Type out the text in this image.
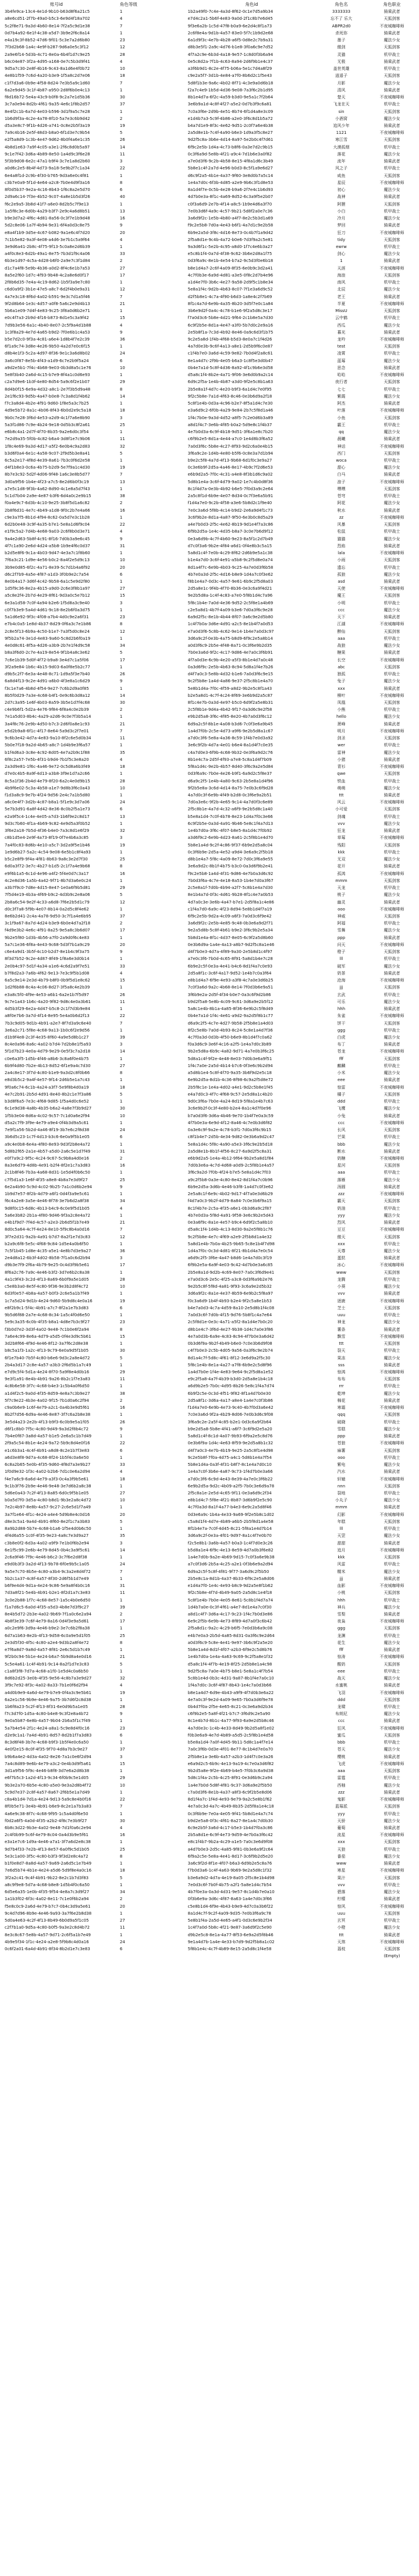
账号id	角色等级	角色id	角色名	角色职业
3b4fe9ca-13c4-4e1d-9b10-b63d8f6a21c5	1	1b2a49f0-7c4e-4a3d-8f62-0c1e7d5a9b34	3333333	骑乘武者
a8e6cd51-2f7b-49a0-b5c3-6e9d4f18a702	4	e7d4c2a1-5b6f-4e83-9a0d-2f1c8b7e6d45	忘不了 乐大	天狐剑客
5c2f8e71-9a3d-4b60-8e14-7f2a5c9d1e38	7	9f3e6a2b-1c5d-47f8-b0a9-6e2d4c8f1a73	ABPR2d0	不夜城咖啡师
0d7b4a92-6e1f-4c38-a5d7-3b9e2f6c8a14	1	2c6f8e4a-9d1b-4a57-83e0-5f7c1b9d2e68	杀死你	骑乘武者
e4a19c3f-8b52-47d6-9f01-5c3e7a2d6b80	23	6a1d9f3c-4e7b-4b28-a6f5-0d8e2c7b9a31	墨子	魔法少女
7f3d2b68-1a4c-4e9f-b287-9d6a0e5c3f12	12	d8b3e5f1-2a9c-4d76-b1e8-3f0a6c9e7d52	傲剑	天狐剑客
2a9e6f14-5d3b-4c71-8e0a-6b4f1d7c9e25	28	4f7a2c9e-6b3d-4a18-9e57-1c8d0f3b6a94	灵猫	机甲战士
b6c04e87-3f2a-4d95-a168-0e7c5b3d9f41	4	0e5c8d2a-7f1b-4c63-8a94-2d6f9b1e4c37	无极	骑乘武者
9d5a7c30-2e8f-4b16-9c43-8a1d6e4f0b72	10	a3f6b9d1-8c2e-4f75-b06a-5e1c7d4a8f29	盖世英雄	机甲战士
4e8b1f59-7c6d-4a20-b3e9-1f5a8c2d7e06	18	c9e2a5f7-3d1b-4e84-a7f0-8b6d2c1f5e43	逍遥子	天狐剑客
c1f7d3a6-0b9e-4f58-8d24-7e3b5a9c1d60	7	5d8f1b3e-9a6c-4b02-8f71-4c3e9a0d6b18	月影	魔法少女
6a2e9d45-3c1f-4b87-a950-2d8f6b0e4c13	1	f2a7c4e9-1b5d-4d36-9e08-7a3f6c2b1d95	清风	骑乘武者
f8d16b72-5e4a-43c9-b0f8-9c2a7e1d5b36	30	8b1e4d7a-6f2c-4a59-b3d0-9e5a1c7f2b64	楚天	不夜城咖啡师
3c7a0e94-8d2b-4f61-9a35-4e6c1f8b2d57	37	3e6b9a1d-4c8f-4f27-a5e2-0d7b3f9c6a81	飞龙在天	机甲战士
8e4f2c1b-6a7d-4e03-b596-3d1f9a5c7e28	1	7c0a3f6e-2d9b-4e51-8b74-6f1d4a8e3c09	sin	天狐剑客
1b6d9f3a-4c2e-4a78-8f10-5a7e3c6b9d42	2	e1d4b7a3-5c9f-4b86-a2e0-3f6c8d1b5a72	小酒窝	魔法少女
d5a3e8c7-9f1b-4d26-a741-0c8e2b5f3a19	19	b4a7d1e9-8f3c-4e62-9d51-2c0f7a6e4b38	追风少年	骑乘武者
7a9c4b16-2e5f-48d3-b8a0-6f1d3e7c9b54	5	2a5d8e1b-7c4f-4a90-b6e3-1d9a3f5c8e27	1121	不夜城咖啡师
e2f5a8d9-1c3b-4e47-9d62-8b0f4a6e1c35	26	9d2f5c8a-3b6e-4d14-8a97-5e2b0c4f7d61	寒江雪	天狐剑客
4b8d1e63-7a9f-4c05-a3e1-2f6c8d0b5a97	14	6f9c2e5b-1d4a-4c73-b8f6-0a3e7d2c9b15	大漠孤烟	机甲战士
9c1e7f42-3d6a-4b89-8e50-1a4d9c3f6e28	11	0c3f6a9d-5e8b-4f21-a9c4-7d1b6e3a0f82	落花	魔法少女
5f3b9d08-6e2c-47a1-b9f4-3c7e1a8d2b60	3	a7e0d3f6-9c2b-4b58-8e15-4f8a1d6c3b49	流年	骑乘武者
a0d6c2e5-8b4f-4d73-9a18-5e9b2f7c1a34	22	5b8e1c4f-2a7d-4e96-b0d3-8c5f1a9e6d27	风之子	机甲战士
6e4a8f1d-2c9b-4f30-b765-9d3a6e0c4f81	1	d6c9f2a5-4b1e-4a37-9f60-3e8d0b7a5c14	咸鱼	天狐剑客
c3b7e0a9-5f1d-4e64-a2c8-7b0e4d9f3a16	8	1e4a7d0c-6f3b-4d85-a2e9-9b6c3f1d8e53	星辰	不夜城咖啡师
8f0d5b37-9e2a-4c16-8b43-1f6c8a2e5d70	6	8a1d4f7e-0c5b-4e28-b9a6-2f7e4c1b6d93	初心	魔法少女
2d9a6c14-7f3e-4b52-9c07-4a8e1b5d3f26	40	4d7b0e3a-8f1c-4a69-8d52-6c3a9f5e2b07	战神	骑乘武者
f6c2e9a5-3b8d-41f7-a6e0-8d2b5c7f9e13	1	c0f3a6d9-2e7b-4f14-a8c5-1b9e4d6a3f70	阿狸	天狐剑客
1a5f8c3e-6d0b-4a29-b3f7-2e9c4a6d8b51	13	7e0b3d6f-4a9c-4c57-9b21-5d8f2a0e7c36	小白	机甲战士
b9e3d7a2-4f6c-4d81-8a56-0c3f7e1b9d48	16	3a6d9f2c-1e5b-4b80-a4f7-8e2c5b3d1a69	冷月	魔法少女
5d2c8e06-1a7f-4b94-9e31-6f4a0d3c8e75	9	f9c2e5b8-7d0a-4e43-b6f1-4a7d1c9e2b58	梦回	骑乘武者
e8a4f1b9-3d5e-4c67-b082-9a1e6c4f7d20	20	6b9e2a5d-3f8c-4d16-8e73-0c4b7f1a9d42	狂刀	不夜城咖啡师
7c1b5e82-9a3f-4e08-a4d6-3e7b1c5a9f64	4	2f5a8d1e-9c4b-4a72-b0e6-7d3f9a2c5e81	tidy	天狐剑客
3e9d6a41-2b8c-4f75-9f13-5c0a8e2d6b39	1	9a3d6f1c-5e2b-4c95-a8d0-1f7c4e6b3a27	ewrw	机甲战士
a4f0c8e3-6d2b-49a1-8e75-7b3d1f9c4a06	33	e5c8b1f4-0a7d-4f38-9c62-3b6e2d8a1f75	剑心	魔法少女
6b3e1d97-4c5a-4d28-b6f0-2a9e7c3f1d84	2	0d3f6a9c-8e1b-4e54-b7a2-9c5d3f0e6b18	1	骑乘武者
d1c7a4f8-5e9b-4b36-a0d2-8f4c6e1b7a53	27	b8e1d4a7-2c6f-4a09-8f35-6e0b9c3d2a41	天涯	不夜城咖啡师
8a5e2f60-1d7c-4f93-9b48-4c2a8e6d0f17	17	4c7f0b3e-6a9d-4d81-a3e5-0f8c2d7b4e96	海浪	天狐剑客
2f8b6d35-7e4a-4c19-8d62-1b5f3a9e7c80	1	a1d4e7f0-3b6c-4e27-9a58-2d9f5c1b8e34	南风	机甲战士
c6d0a9f2-3b1e-47e5-a8c7-6d2f4b0e9a31	12	5e8a1f4c-9d2b-4b63-8c07-7f1e3a6d9c52	北辰	魔法少女
4a7e3c18-8f6d-4a02-b591-9e3c7d1a5f46	7	d2f5b8e1-4c7a-4f90-b6d3-1a8e4c2f7b69	老王	骑乘武者
9f2d8b64-1e3c-4d57-a0f8-5a6c2e9d4b13	21	8f1c4a7d-6e9b-4a35-8b20-3d5f7e0c1a84	半夏	不夜城咖啡师
5b6a1e09-7d4f-4e83-9c25-3f8a0d6b2e71	1	3b6e9d2f-0a4c-4c78-b1e6-9f2a5d8c3e17	MissU	天狐剑客
e0c4f7a3-2b9d-4f16-b873-8d1e5c3a9f42	15	f7a0d3c6-5b8e-4d21-9f64-2c1b8e5a7d30	云中鹤	机甲战士
7d9b3e56-6a1c-4b40-8e07-2c5f9a4d1b88	4	6c9f2b5e-8d1a-4e47-a3f0-5b7d0c2e9a16	西瓜	魔法少女
1c3f8a29-4e7d-4a65-b9d2-7f0e6b1c4a53	9	2e5b8f1a-7c3d-4b92-8e46-0a9c6d3f1b75	暮光	骑乘武者
b5e7d2c0-9f3a-4c81-a6e4-1d8b4f7e2c39	36	9c2e5a8d-1f4b-4f68-b5d3-8e0a7c1f4d26	龙吟	不夜城咖啡师
6f1a9c74-3d8e-4e26-9b50-4a2d7e0c6f15	1	4a7d0e3b-9c6f-4a13-a8e1-2d5b9f6c0e87	test	天狐剑客
d8b4e1f3-5c2a-4d97-8f36-9e1c3a6d8b02	24	c1f4b7e0-3a6d-4c59-9e82-7b0d4f2a8c61	凌霄	机甲战士
3a6c0f87-8e5b-4f43-a1d9-6c7e2b9f5a24	6	8e1a4d7c-2f9b-4e05-b6a3-1c8f5e3d0b47	蓝莓	魔法少女
a9d2e5b1-7f4c-4b68-9e03-0b3d8a5c1e76	10	0b4e7a1d-5c8f-4d36-8a92-4f1c9b6e3d58	思念	骑乘武者
5e8f3b40-2a6d-4c15-b7e9-8f4a1c0d6e93	1	d5a8c1f4-8b2e-4a71-9f06-3e6d0b9a2c14	哈哈	不夜城咖啡师
c2a7d9e6-1b3f-4e80-8d54-5a9c6f2e1b07	29	6d9c2f5a-1e4b-4b87-a3d0-9f2e5c8b1a63	夜行者	天狐剑客
8d4b0f15-6e9a-4d32-a8c1-2e7f3b5d9a48	8	2b5e8a1f-4d7c-4e20-b9f3-6a1d4c7e0f95	七七	机甲战士
2e1f6c93-9d5b-4a47-b0e8-7c3a8d1f4b62	14	9f2c5b8e-7a1d-4f63-8c46-0e3b6d9a2f18	紫霞	魔法少女
f7c3a8d4-4b2e-4f91-9d60-1f8e5a3c7b25	1	5c8f1e4b-0d3a-4c96-b2e7-8f5a1d4c7e30	阿杰	骑乘武者
4d9e5b72-8a1c-4b06-8f43-6b0d2e9c5a18	18	e3a6d9c2-6f0b-4a29-9e84-2b7c5f8d1a46	叶落	不夜城咖啡师
9b0c7e28-3f6d-4e53-a2d9-4c1f7a6e8b90	3	1f4c7b0e-9a3d-4d52-a8f5-7c2e0d6b3a89	小鱼	天狐剑客
5a3f1d86-7c9e-4b24-9e18-0d5b3c8f2a61	25	a8d1f4c7-3e6b-4f85-b0a2-5d9e8c1f4b37	霸王	机甲战士
e6b8c4a1-2d7f-4f70-8b35-9a2e6d0c3f54	1	4e7b0d3a-6c9f-4b18-9d51-3f6a1e8c7b20	qq	魔法少女
7e2d9a35-5f0b-4c82-b6a4-3d8f1e7c9b06	11	c6f9b2e5-8d1a-4e44-a7c0-1e4d8b3f6a52	晨曦	骑乘武者
1f8c4e69-9a3d-4d17-a5f2-6e0b4c9a2d83	32	7a0d3f6c-5b8e-4c27-8f93-9d2c6a0e4b15	神话	不夜城咖啡师
b3d6f0a4-6e1c-4a58-9c07-2f9d5b3e8a41	5	3f6a9c2e-1d4b-4e80-b5f6-0c8e3a7d1b94	西门	天狐剑客
6c5a2e17-4f8d-4e39-8a61-7b3c0f6d2e58	1	b9e2c5f8-4a7d-4f13-9b68-6d1f0c3e9a27	woca	机甲战士
d4f1b8e3-0c6a-4b75-b2d9-5e7f9a1c4d30	19	0c3e6b9f-2d5a-4a46-8e17-4b9c7f2d6e53	甜心	魔法少女
8b7e3c92-5d2f-4d06-9f48-1a6c3e8b5d77	7	e6b9d2a5-7f0c-4c31-a4e8-8f3b1d6c9a02	白马	骑乘武者
3d0a9f56-1b4e-4f23-a7c5-8e2d6b0f3c19	13	5d8b1e4a-3c6f-4d79-9a02-1e7c4b0d8f36	浪子	不夜城咖啡师
a7e5c1d8-9f3b-4a62-8d90-4c1e8a5d7f43	1	8c1f4d7a-0e3b-4b92-b6e5-7f0d3a9c2e64	嘿嘿	天狐剑客
5c1d7b04-2a9e-4e87-b3f6-6d4a0c2e9b15	38	2a5c8f1d-6b9e-4e07-8d34-0c7f3e6a5b91	苍穹	机甲战士
f0a4e9c7-6d3b-4c10-9e25-3b8f5d1a6c82	2	f1d4a7e0-9c2b-4f58-a3e6-5b8d2c1f9e40	阿花	魔法少女
2b8f6d31-4e7c-4b49-a1d8-9f0c2b7e4a66	16	7e0c3a6d-5f8b-4c14-b9d2-2e6a9d4f1c73	秋水	骑乘武者
c9e3a7f5-8b1d-4f94-8c62-0a5d7e3c1b28	1	3c6f9b2e-8d1a-4a87-9f50-6e3b0c8d5a29	zz	不夜城咖啡师
6d2b0e48-3c9f-4a35-b7e1-5e8a1d6f9c04	22	a4e7b0d3-2f5c-4e62-8b19-9d1e4f7a3c86	风暴	天狐剑客
e1f9c5a2-7d4b-4e68-9a03-2c6f8b0d3e71	4	6f9b2d5a-1e4c-4d35-b8a7-3c0e7b6d9f12	松鼠	机甲战士
9a4e2d63-5b8f-4c91-8f16-7d0b3a9e6c45	9	0e3a6d9b-4c7f-4b60-9e23-8a5f1c2d7b49	猫猫	魔法少女
4f7c1a90-2e6d-4d24-a5b8-1b9e4f6c0d37	31	d7c0f3a6-9b2e-4f84-a6d1-0f4e8b3c5a15	烈焰	骑乘武者
b2d5e8f6-9c1a-4b03-9d47-4e3a7c1f8b60	1	5a8d1c4f-7e0b-4c29-8f62-2d6b9e5a1c38	lala	不夜城咖啡师
7f6a3c21-1d9e-4e56-b0c2-8a4f2e5d9c13	10	b1e4a7d0-3c6f-4e91-a5b8-9c2f5d8e0a74	小雨	天狐剑客
3b9e0d85-6f2c-4a71-8e39-5c7d1b4a6f92	20	8d1a4f7c-6e9b-4b03-9c25-4a7e0d3f6b58	遗忘	机甲战士
d6c2f7b9-4a5e-4f87-a1d3-3f0b9e2c7a54	6	4b7e0a3d-2f5c-4d16-b8e9-1d4a7c0f3e62	孤狼	魔法少女
8e0b4a17-3d6f-4c42-9b58-6a1c5e9d2f80	1	f8b1e4a7-0d3c-4a57-9e61-6b9c2f5d8a03	asd	骑乘武者
1d5f9c36-8e2a-4b15-a9d0-2c6e3f8b1a97	27	2d5a8e1c-9f4b-4f70-8b36-0e3c6a9f4d21	天使	不夜城咖啡师
a5c8e2f4-2b7d-4e29-8f61-9d3a0c5e7b12	15	9e2b5d8a-1c4f-4c83-a7e0-5f8b1d4c7a96	魔王	天狐剑客
6e3a1d58-7c0f-4a94-b2e6-1f5d8a3c9e40	3	5f8c1b4e-7a0d-4e36-9d52-2c5f8e1a4b69	小明	机甲战士
c0f7b3e9-5a4d-4d61-9c18-8e2b6f0a3d75	1	c2e5a8d1-4b7f-4a09-b3e6-7d0a3f6c9e28	ccc	魔法少女
5a1d6e92-9f3c-4f08-a7b4-4d0c9e2a6f31	23	6a9d2f5c-8e1b-4b44-8f07-3a6c9e2d5b80	天下	骑乘武者
e7b4c0a5-1e8d-4b37-8d29-0f6a3c7e1b86	8	1c4f7b0a-3d6e-4d91-a2c5-8e1b4f7a0d53	江湖	不夜城咖啡师
2c8e5f13-6b9a-4c50-b1e7-7a3f5d0c8e24	12	e7a0d3f6-5c8b-4c62-9e14-1b4e7a0d3c97	醉仙	天狐剑客
9f5b2a74-3e1d-4e83-9a60-5c8d2b6f0a19	1	3d6a9c2f-0e3b-4a75-b8d9-6f9c2e5a8b14	aaa	机甲战士
4e0d8c61-8f5a-4d26-a3b9-2b7e1f4d9c58	34	a0d3f6c9-2b5e-4f48-8a71-0c3f6e9b2d35	战狼	魔法少女
b8a3f6d0-2c7e-4a19-8e54-9f1b4a8c3e62	5	7b0e3a6d-9f2c-4c17-9d86-4e7a0c3f6b91	糖果	骑乘武者
7c6e1b39-5d0f-4f72-b9a8-3e4d7c1a5f06	17	4f7a0d3e-6c9b-4e20-a5f3-8b1e4d7a0c48	长空	不夜城咖啡师
3f2a9e84-1b6c-4b15-9d03-6a0f8e5b2c77	1	0a3d6f9c-2e5b-4b63-8c94-5d8a1f4e7b26	abc	天狐剑客
d9b5c2f7-6e3a-4e48-8c71-1d9a5f3e7b40	26	d4f7a0c3-5e8b-4d32-b1e6-7a0d3f6c9e15	独孤	机甲战士
6a8d4f13-9c2e-4d91-a6b0-4f3e8a1c6d29	9	9c2f5b8e-1a4d-4a86-9e37-2f5c8b1e4a70	兔子	魔法少女
f3c1e7a6-4b8d-4f54-9e27-7c6b2d9a0f85	1	5e8b1d4a-7f0c-4f59-a8d2-9b2e5c8f1a43	xxx	骑乘武者
8b5f0d29-7a3e-4c68-b4f1-0e9c6b3d8a12	14	b2e5a8d1-4c7f-4c24-8f69-3e6b9d2a5c87	柳叶	不夜城咖啡师
2d7c3a95-1e6f-4b03-8a59-3b5e1d7f4c68	30	8f1c4e7b-0a3d-4e97-b5c0-6d9f2a5e8b31	凤凰	天狐剑客
c4e9b6f1-5d2a-4e76-9f84-6f8a4c0e2b39	2	2c5f8b1e-9d4a-4b42-9f17-0a3d6c9e2f58	小熊	机甲战士
7e1a5d03-8b4c-4a29-a2d6-9c0e7f3b5a14	1	e9b2d5a8-3f6c-4f85-8e20-4b7a0d3f6c12	hello	魔法少女
3a4f8c76-2e9b-4d50-b7c3-2d6f0a8e1c93	21	6d9a2c5f-8b1e-4a08-b3d6-7c0f3e6a9b45	萧峰	骑乘武者
e5d2b9a8-6f1c-4f17-8e64-5a9d3c2f7e01	7	1a4d7f0b-2c5e-4d73-a9f6-9e2b5d8a1c67	明月	不夜城咖啡师
9c6b3e42-4d7a-4e83-9a10-8f2c6e5d0b34	11	a7d0c3f6-5e8a-4a36-8c59-1f4b7e0d3a92	剑圣	天狐剑客
5b0e7f18-9a2d-4b65-a8c7-1d4b9e3f6a57	1	3e6c9f2b-4d7a-4e01-b6e4-8a1d4f7c0e35	wer	机甲战士
b1f4d6a3-3c8e-4c92-8d05-4e7a2b9c1f88	35	c4a7d0e3-6f9b-4c68-9b32-0e3f6a9d2c76	雷神	魔法少女
6f8c2a57-7e5b-4f31-b9d4-7b1f5c3e8a20	4	8b1e4c7a-2d5f-4f93-a7e8-5c8a1d4f7b09	小猪	骑乘武者
2a3d9e81-1f6c-4a46-9e72-0c5d8a6b3f49	18	5f8a1d4c-9e2b-4b57-8d40-3f6c9a2e5d84	青衫	不夜城咖啡师
d7e0c4b5-8a9f-4d13-a3b8-3f9e1d7a2c66	1	0d3f6a9c-7b0e-4e26-b9f1-6a9d2c5f8e37	qwe	天狐剑客
8c5a1f36-2b4d-4e79-8f20-6a2c4e0d9b15	28	d6a9c2f5-1e4b-4a80-9c63-2b5e8a1d4f96	铁血	机甲战士
4b9f6e02-5c3a-4b58-a1e7-9d8b3f6c0a43	10	9f2b5e8a-3c6d-4d14-8a75-7e0b3c6f9d28	萌萌	魔法少女
f1d3a8c9-9e7b-4f24-9d56-2e4c7a1b5d80	1	4a7d0c3f-6e9b-4f49-b2d8-0c3f6e9a2b51	ttt	骑乘武者
a6c0e4f7-3d2b-4c87-b8a1-5f1e9c3d7a06	24	7d0a3e6c-9f2b-4e65-9c14-4a7d0f3c6e89	风云	不夜城咖啡师
5e7b3d91-6a8f-4d42-8e36-8c0b2f5a1e73	6	2f5c8b1e-4a7d-4c32-a6f9-9e2b5d8c1a40	小可爱	天狐剑客
e2a9f5c4-1c4e-4e05-a7d3-1b6f9e2c8d17	13	b5e8a1d4-7c0f-4b78-8e23-1d4a7f0c3e66	剑魂	机甲战士
9d3c7b60-4f1a-4b69-9c82-4e9d5a3f0b52	1	6c9f2b5e-0a3d-4a91-9b46-5e8c1f4a7d13	vvv	魔法少女
3f6e2a18-7b5d-4f36-b4e0-7a3c8d1e6f29	32	1e4b7d0a-3f6c-4f07-b8e5-8a1d4c7f0b92	狂龙	骑乘武者
c8b1d5e4-2e9f-4a73-8f19-0f7e4b6a3c85	3	a3d6f9c2-6e9b-4d23-8a61-2c5f8b1e4d70	草莓	不夜城咖啡师
7a4f0c83-8d6b-4e10-a5c7-3d2a9f5e1b46	19	5b8e1a4d-9c2f-4c86-9f37-6b9e2d5a8c04	残阳	天狐剑客
1e9d6b27-5a2c-4c54-9e08-6e5b1c8f4a93	1	0c3f6b9e-2d5a-4e52-a9d4-3e6a9c2f5b18	kkk	机甲战士
b5c2e8f9-9f4a-4f81-8b63-9a8c3e2d7f30	25	d8b1e4a7-5f8c-4a09-8e72-7d0c3f6a9e55	无双	魔法少女
6d0a3f72-3e7c-4b27-b1d5-2c1f7a4e9b68	8	3e6a9d2c-8b1f-4b75-b3c0-0a3d6f9b2e41	花开	骑乘武者
e9f6b1a5-6c1d-4e96-a4f2-5f4e0d7c3a17	16	f9c2e5b8-1a4d-4f31-9d86-4e7b0a3d6c92	孤鸿	不夜城咖啡师
4c2e8d36-1a5b-4a42-9f71-8b7d3a6e0c24	1	7b0d3f6a-4c7e-4e18-8a53-1b4e7d0a3f67	mmm	天狐剑客
a3b7f9c0-7d8e-4d15-8e47-1e0a6f9b5d81	29	2c5e8a1f-7d0b-4b94-a2f7-5c8b1e4a7d30	天龙	机甲战士
7f5d4e19-4b3a-4f69-b9c2-4d3b9c2e8a06	5	8e1b4a7d-0f3c-4d61-9b28-8f1c4e7a0b53	桃子	魔法少女
2b8a6c54-9e2f-4c33-a6d8-7f6e2b5d1c79	12	4d7a0c3e-3e6b-4a47-b7e1-2d5f8a1c4e86	幽灵	骑乘武者
d0c3f7a8-5f9b-4e07-8b14-0a2d5c8f4e62	1	c1f4a7d0-6a9c-4f23-8d94-5e8b1d4f7a19	ooo	不夜城咖啡师
8e6b2d41-2c4a-4a78-9d50-3c7f1a4e6b95	37	6f9c2e5b-9d2a-4c09-a6f3-7a0d3c6f9e42	神威	天狐剑客
3c1f9a67-8a7d-4d24-b3e9-6b0e4d7a2f18	2	3a6d9f2c-2e5b-4e85-9c48-0b3e6a9d2f71	阿福	机甲战士
f4d9e3b2-4e6c-4f91-8a25-9e5a8c3b6d07	17	9e2a5d8b-5c8f-4b61-b9e2-3f6c9b2e5a34	雪舞	魔法少女
9b2e5f80-1d3b-4b56-a7f0-2a9d0f6c4e83	1	5b8d1e4a-8f1c-4d37-8e05-6c9f2a5d8b60	ppp	骑乘武者
5a7c1e36-6f8a-4e43-9c68-5d3f7b1a9c29	20	0e3b6d9a-1a4e-4a13-a8b7-9d2f5c8a1e46	问天	不夜城咖啡师
c6e4a9d1-3b5f-4c10-b2d7-8e1b4c9f3a75	9	d4f7b0e3-4d7a-4f89-9a30-2e5b8d1c4f97	橙子	天狐剑客
8f3d7b52-9c2e-4d87-8f49-1f8a6e3d0b14	1	a7e0c3f6-7b0d-4c65-8f91-5a8d1b4e7c28	lll	机甲战士
2e0b4c97-5d1f-4a34-a1e6-4c6d2a9f7e51	33	6b9e2c5f-0e3a-4e41-b4c6-8d1f4a7c0e93	破军	魔法少女
b7f8d2a3-7a6b-4f62-9e13-7e3c9f5b1d08	4	2d5a8f1c-3c6f-4a17-9d52-1e4b7c0a3f64	奶茶	骑乘武者
6a5c9e14-2e3d-4b79-b8f0-0b9f5d1e8c62	15	e8b1d4a7-6f9e-4e93-a3f8-4c7a0e3d6b25	沧海	不夜城咖啡师
1d2f6b88-8c4a-4c06-8d27-3f5a8c4e2b39	1	7c0f3a6d-9a2c-4b68-8e14-7f0d3b6e9a51	jjj	天狐剑客
e3a8c5f0-4f9e-4e53-a6b1-6a2e1b7f5d97	26	3f6b9e2a-2d5f-4f34-b0e7-0a3c6f9d2b86	玄武	机甲战士
9c7e1a43-1b6c-4a20-9f82-9d8c4e0a3b61	11	b9d2f5a8-5e8b-4c09-9c61-3d6a9e2b5f12	可乐	魔法少女
4d5b3f29-6e2a-4d47-b5c8-2c1f7d3b9e84	1	5a8c1e4b-8b1a-4a85-8f36-6e9b2c5f8d49	hhh	骑乘武者
a8f0e7b6-3a7d-4f14-8e95-5e4a0b6d2f13	22	0b4e7a1d-1f4c-4e61-a9d2-9a2d5f8b1c77	朱雀	不夜城咖啡师
7b3c9d05-9d1b-4b91-a2e7-8f7d3a9c6e40	7	d6a9c2f5-4c7e-4d27-9b58-2f5b8e1a4d03	饼干	天狐剑客
3e6a2c71-5f8e-4c68-9a13-1b0c6f2e9d56	1	8f2c5e8b-7a0d-4b93-8c24-5c8e1a4d7f36	ggg	机甲战士
d1b9f4e8-2c3f-4e35-8f60-4a9e5d8b1c27	39	4c7f0a3d-0d3b-4f50-b6e9-8b1d4f7c0a62	白虎	魔法少女
8c4e0a96-8a6c-4a02-b7d4-7d2b8e1f5a93	3	f0a3d6c9-3e6f-4c16-a2f5-1e4a7d0c3b89	布丁	骑乘武者
5f1d7b23-4e0a-4d79-9e29-0e5f3c7a2d18	14	9b2e5d8a-6b9c-4a82-9d71-4a7e0b3f6c25	苍龙	不夜城咖啡师
c0e6a3f5-1d5b-4f46-a8b6-3c8a6f0e4b75	1	5d8a1c4f-9f2e-4e48-8e03-7d0b3e6a9f51	fff	天狐剑客
6b9f4d80-7b2e-4b13-8d52-6f1e9a4c7d30	27	1f4c7a0e-2a5d-4b14-b7c6-0f3e6c9b2d94	麒麟	机甲战士
2a4c8e17-3f7d-4c80-b1e9-9a3d2c8f0b66	8	a5d8b1e4-5c8f-4f70-9a35-3b6f9d2e5c18	小米	魔法少女
e8d3b5c2-9a4f-4e57-9f14-2d6b5e1a7c43	1	6e9b2d5a-8d1b-4c36-8f98-6c9a2f5d8e72	eee	骑乘武者
9f0a6c74-6c1b-4a24-a3f7-5e9f8b4d0a19	18	2b5f8c1e-1e4a-4d02-a4e1-9d2c5b8e1f45	惊雷	不夜城咖啡师
4e7c2b91-2b5d-4d91-8e40-8b2c1e7f3a86	5	e4a7d0c3-4f7c-4f68-9c57-2e5d8a1c4b20	橘子	天狐剑客
b3d8f6a5-7e3c-4f68-9d85-1f5a4d0c6e52	1	9d0c3f6a-7b0e-4a24-8d19-5f8a1e4b7c63	ddd	机甲战士
6c1e9d38-4a8b-4b35-b6a2-4a8e7f3b9d27	30	3c6e9b2f-0c3f-4e80-b2e4-8a1c4d7f0e96	飞鹰	魔法少女
1f5b3e04-8d6a-4c02-9c57-7c1d0a6e2f94	10	b7a0d3f6-3d6a-4b46-9e70-1b4f7e0a3c59	小兔	骑乘武者
d5a2c7f9-3f9e-4e79-a9e4-0f4b3d9a5c61	1	4f7b0e3a-6e9d-4f12-8a46-4c7e0b3d6f82	ccc	不夜城咖啡师
7e9f1a56-5b2d-4a46-8f19-3b7e6c2f8d38	24	0a3e6c9f-9a2e-4c78-b3f1-7d0a3f6c9b15	长风	天狐剑客
3b6d5c23-1c7f-4d13-b3c6-6e0a9f5b1e05	6	c8f1b4e7-2d5b-4e34-9d82-0e3b6a9d2c47	芒果	机甲战士
a9c4e0b8-6e4a-4f80-8e93-9d3f2b8e4a72	1	5e8a1d4c-5f8c-4a90-a5e3-3f6c9e2b5d18	bbb	魔法少女
5d8b2f65-2a1e-4b57-a5d0-2a6c5e1d7f49	31	2a5d8e1b-8b1f-4f56-8c27-6a9d2f5c8a31	断水	骑乘武者
e0f7a9c2-9f5c-4c24-9c67-5c9b8a4d0e16	2	e6b9d2a5-1e4a-4b12-9f64-9b2e5a8d1f84	奶糖	不夜城咖啡师
8a3e6d79-4d8b-4e91-b2f4-8f2e1c7a3d83	16	7d0b3e6a-4c7d-4d68-a0d9-2c5f8b1e4a57	星河	天狐剑客
2c1b8f46-7b3a-4a68-8d31-1e5d4f0b6c50	1	3f6c9a2d-7f0b-4f24-b7e5-5e8a1d4c7f03	aaa	机甲战士
c7f5d1a3-1e6f-4f35-a8e8-4b8a7e3d9f27	25	a9c2f5b8-0a3e-4c80-8e42-8d1f4a7c0b96	落雁	魔法少女
6e2a4b90-5c9d-4c02-9b25-7a1c0d6b2e94	9	6b9e2d5a-3d6b-4e46-b3f8-1a4d7c0f3e62	汤圆	骑乘武者
1b9d7e57-8f2b-4d79-a6f1-0d4f3a9e5c61	1	2e5a8c1f-6e9c-4b02-9d17-4f7a0e3d6b29	zzz	不夜城咖啡师
f6c4a2e8-3a5e-4e46-8f78-3e7b6d2a8f38	34	f4d7a0c3-9b2f-4d79-8a84-7c0e3b6f9a15	霸天	天狐剑客
9d8f0c15-6d8c-4b13-b4c9-6c0e9f5d1b05	4	8c1f4b7e-2c5a-4f35-a6e1-0b3d6a9c2f87	奶油	机甲战士
5a6e3b82-2b1a-4f80-9d46-9f3a2c8e4a72	1	4b7e0d3a-5f8d-4a91-9f58-3e6c9b2e5d43	yyy	魔法少女
e4b1f9d7-7f4d-4c57-a2e3-2b6d5f1b7e49	21	0e3a6f9c-8a1e-4e57-b9c4-6d9f2c5a8b10	烈风	骑乘武者
8d0c5a64-4c7f-4e24-8e10-5f9c8b4a0d16	7	d5a8c1f4-1d4b-4c13-8d30-9a2e5f8b1c76	豆豆	不夜城咖啡师
3f7e2d31-9a2b-4a91-b7d7-8a2f1e7d3c83	12	9c2f5b8e-4e7c-4f69-a2e9-2f5b8d1a4e32	傲天	天狐剑客
b2a9c6f8-5e5c-4f68-9c84-1d5e4a0b6f50	1	5a8d1e4b-7b0a-4b25-9b65-5c8e1b4f7d98	xxx	机甲战士
7c5f1b45-1d8e-4c35-a5e1-4e8b7d3e9a27	36	1d4a7f0c-0c3d-4d81-8f21-8b1d4a7e0c54	天尊	魔法少女
2e4d8a12-6b3f-4d02-8b58-7f1a0c6d2b94	3	a6d9c2f5-3f6e-4a47-b8d6-1e4a7d0c3f19	蛋挞	骑乘武者
d9b3e7f9-2f6a-4b79-9e25-0c4d3f9b5e61	17	6f9b2e5a-6a9f-4e03-9c42-4d7b0e3a6c85	冰心	不夜城咖啡师
8f6a2c76-7a9c-4e46-b3f2-3d7e6b2c8a38	1	2b5e8a1d-9d2b-4c69-8e07-7a0c3f6d9e41	www	天狐剑客
4a1c9f43-3c2d-4f13-8a69-6b0f9a5e1d05	28	e7a0d3c6-2e5c-4f25-a3c8-0d3f6a9b2e76	龙腾	机甲战士
c5e8b3a0-8e5f-4c80-9f36-9e3b2d8f4c72	10	9e2b5c8f-5f8d-4a81-9f93-3c6a9e2d5b32	小葵	魔法少女
6d3f0e57-4b8a-4a57-b0f3-2c6e5a1b7f49	1	3d6a9f2c-8a1e-4e37-8b59-6e9b2c5f8a97	vvv	骑乘武者
1c7a5d24-9d1b-4e24-9d60-5b9d8c4e0a16	19	f0c3a6d9-1b4f-4b93-b2e4-9f2c5a8e1b53	逐鹿	不夜城咖啡师
e8f2b9c1-5f4c-4b91-a7c7-8f2a1e7b3d83	6	b4e7a0d3-4c7a-4d59-8a10-2e5d8b1f4c08	芝士	天狐剑客
9b5d6f88-2a7e-4c68-8c34-1a5c4f0d6e50	1	7a0d3c6f-7d0b-4f15-9d76-5b8f1c4a7e64	uuu	机甲战士
5e9c3a35-6c0b-4f35-b8a1-4d8e7b3c9f27	23	2c5f8d1e-0e3c-4a71-a5f2-8a1d4e7b0c20	神龙	魔法少女
f3b0d7e2-3d3f-4a02-9e48-7c1b0e6f2a94	8	d8b1e4c7-3f6d-4e27-9b38-1d4c7a0e3f86	薯条	骑乘武者
7a6e4c99-8e6a-4d79-a5d5-0f4e3d9c5b61	15	4e7a0d3b-6a9e-4c83-8c94-4f7b0e3a6d42	飘雪	不夜城咖啡师
3d2b8f66-4f9d-4e46-8f12-3a7f6c2d8e38	1	0b3d6f9a-9b2f-4b49-b6e0-7c0e3b6d9f08	ttt	天狐剑客
b8c5a1f3-1a2c-4f13-9c79-6e0a9d5f1b05	30	c4f7b0e3-2c5b-4d05-9a56-0a3f6c9e2b74	裂天	机甲战士
6f1e7b40-7b5f-4c80-b6e6-9d3c2a8e4d72	5	8d1a4c7f-5d8c-4f61-8f12-3e6d9a2f5c30	果冻	魔法少女
2b4a3d17-2c8e-4a57-a3b3-2f6d5b1a7c49	1	5f8c1e4b-8e1a-4a27-a7f8-6b9e2c5d8f96	sss	骑乘武者
e7d9c5f4-5d1a-4e24-8f70-5a9f8e4d0b16	29	1a4d7b0e-1f4e-4e83-9e64-9c2f5d8a1e52	惊鸿	不夜城咖啡师
9e3f1a91-8e4b-4b91-9a26-8b2c1f7e3a83	11	e9c2f5a8-4a7f-4b39-b3d0-2d5a8e1b4c18	布布	天狐剑客
4c8b6e58-3f7c-4c68-b4e3-1c5b4a0f6d50	1	a6d9b2e5-7b0c-4d95-8b26-5e8c1f4a7d74	rrr	机甲战士
a1d4f2c5-9a0d-4f35-8d59-4e8a7c3b9e27	38	6b9f2c5e-0c3d-4f51-9f82-8f1a4d7b0e30	乾坤	魔法少女
5f7c9e22-4b3e-4a02-9f15-7b1d0a6c2f94	2	2d5a8f1c-3d6a-4a17-a8e4-1a4e7c0f3b86	棉花	骑乘武者
c9a0b6e9-1c6f-4e79-a2c1-0a4b3e9d5f61	16	f1d4a7e0-6e9b-4e73-9c40-4b7f0d3a6e42	寒霜	不夜城咖啡师
8b2f7d56-6d9a-4e46-8e87-3f7c6a2b8e38	1	7c0e3a6d-9f2a-4b29-8d06-7e0b3d6c9f08	qqq	天狐剑客
3e5d4a23-2e2b-4f13-b9f3-6c0b9e5a1f05	26	3f6a9c2e-2a5f-4c85-b2e1-0d3c6a9f2b64	破晓	机甲战士
d6f1c8b0-7f5c-4c80-9d49-9a3d2f8b4c72	9	b9e2d5a8-5b8e-4f41-a6f7-3c6f9d2e5a20	雪糕	魔法少女
7b4e0f87-3a8d-4a57-b1e5-2e6a5c1b7d49	1	5a8d1c4f-8c1d-4a07-9b93-6f9a2e5c8d76	ppp	骑乘武者
2f9a5c54-8b1e-4e24-9a72-5b9c8d4e0f16	22	0e3b6f9a-1d4c-4e63-8f59-9e2d5a8b1c32	苍狼	不夜城咖啡师
e1c6b3a1-4c4f-4b91-a8d8-8c2e1b7f3e83	6	d4f7a0c3-4e7b-4b19-9e25-2a5c8f1e4d98	麻薯	天狐剑客
a6d3e8f8-9d7a-4c68-8f24-1b5f4c0a6e50	1	9c2e5b8f-7f0a-4d75-a4c1-5d8b1e4a7f54	ooo	机甲战士
6c8a2b65-5e0b-4f35-9d60-4f8d7a3e9b27	33	5b8e1d4a-0a3f-4f31-b8f7-8c1e4a7d0c10	紫电	魔法少女
1f0d9e32-1f3c-4a02-b2b6-7d1c0e6a2d94	4	1e4a7c0f-3b6e-4a87-9c73-1f4d7b0e3a66	汽水	骑乘武者
f4e7a6c9-6a6d-4e79-a3f3-0c4a3f9b5e61	18	a7d0c3f6-6c9d-4e43-8e39-4a7e0c3f6b22	轩辕	不夜城咖啡师
9c1b3f76-2b9e-4e46-9e48-3e7d6b2a8c38	1	6e9b2d5a-9d2c-4b09-a2f5-7b0c3e6d9a78	nnn	天狐剑客
5d6e0a43-7c2f-4f13-8a85-6d0c9f5b1e05	27	2f5c8a1e-2e5d-4c65-9f11-0e3a6d9c2f34	裂地	机甲战士
b0a5d7f0-3d5a-4c80-b8d1-9b3e2a8c4d72	10	e8b1d4c7-5f8e-4f21-8b87-3d6b9f2e5c90	小丸子	魔法少女
7e2c4b97-8e8b-4a57-9c27-2c6e5d1f7a49	1	4c7f0a3d-8a1f-4a77-b4e3-6e9c2a5d8f46	mmm	骑乘武者
3a7f1e64-4f1c-4e24-a4e4-5d9b8e4c0d16	20	0d3e6a9c-1b4a-4e33-9a69-9f2e5b8c1d02	幻影	不夜城咖啡师
d8e3c5a1-9a4d-4b91-8f60-8e2f1c7a3b83	5	c5a8d1f4-4d7e-4b89-a6b5-2b5f8d1a4e58	年糕	天狐剑客
8a9b2d88-5b7e-4c68-b1a6-1f5e4d0b6c50	1	8f1b4e7a-7c0f-4d45-8c21-5f8a1e4d7b14	lll	机甲战士
4f4d6a55-1c0f-4f35-9e23-4a8c7e3d9a27	35	3d6a9c2f-0e3a-4f01-9d97-8a1c4f7e0b70	天罡	魔法少女
c3b8e0f2-6d3a-4a02-a9f9-7e1b0f6b2e94	3	f2c5e8b1-3a6b-4a57-b0a3-1c4f7d0e3c26	甜甜	骑乘武者
6e1f5c99-2e6b-4e79-8d45-0b4c3a9f5c61	14	b5d8a1e4-6f9c-4e13-8e59-4d7a0b3f6e82	追月	不夜城咖啡师
2c6a9f46-7f9c-4e46-b6c2-3c7f6e2d8f38	1	1a4e7d0b-9a2e-4b69-9d15-7c0f3a6e9b38	kkk	天狐剑客
e9d0b3f3-3a2d-4f13-9b78-6f0e9b5c1a05	24	a7c0f3d6-2b5a-4c25-a2e1-0f3b6e9a2d94	风雷	机甲战士
9a5e7c70-8b5e-4c80-a3b4-9c3a2e8d4f72	7	6d9a2c5f-5c8f-4f81-9f77-3a6d9c2f5b50	糯米	魔法少女
5b2c1a37-4c8f-4a57-8f30-2d6f5b1d7e49	1	2b5e8c1a-8d1b-4a37-8b33-6f9c2e5a8d06	jjj	骑乘武者
b6f9e4d4-9d1a-4e24-9c86-5e9a8f4b0c16	31	e1d4a7f0-1e4c-4e93-b8c9-9d2a5e8f1b62	血影	不夜城咖啡师
7d3a8f21-5e4b-4b91-b2e1-8f2d1a7c3e83	11	9f2c5b8e-4f7d-4b49-9a05-2a5d8c1e4f18	小桃	天狐剑客
3c0e2b88-1f7c-4c68-8e57-1a5c4b0e6d50	1	5c8f1e4b-7b0e-4e05-8e61-5c8b1f4d7a74	hhh	机甲战士
f1a7d6c5-6a0d-4f35-a5d3-4b8e7d3f9c27	39	1d4b7a0e-0c3f-4f61-a4e7-8d1e4a7c0f30	神兵	魔法少女
8e4b5d72-2b3e-4a02-9b69-7f1a0c6e2a94	2	a8d1c4f7-3d6a-4c17-9c23-1f4c7b0d3e86	雪梨	骑乘武者
4b8f3e39-7c6f-4e79-8a16-0d4f3e9a5d61	17	6e9c2f5b-6e9b-4e73-8f89-4d7a0f3c6b42	夜枭	不夜城咖啡师
a0c2e9f6-3d9a-4e46-b9e2-3e7c6b2f8a38	1	2f5a8d1c-9a2c-4c29-b6f5-7e0d3b6a9c08	ggg	天狐剑客
6d7a1b63-8e2b-4f13-9d58-6c0a9e5d1f05	25	e4b7e0a3-2b5d-4a85-8d31-0a3f6c9e2d64	龙渊	机甲战士
2e3d5f30-4f5c-4c80-a2e4-9d3b2a8f4e72	8	a0d3f6c9-5c8e-4e41-9e97-3b6c9f2a5e20	花生	魔法少女
e7f6a8d7-9a8d-4a57-8f81-2e6c5d1b7c49	1	5b8e1a4d-8d1f-4f07-a2b3-6f9e2c5d8b76	fff	骑乘武者
9f2b0c94-5b1e-4e24-b6a7-5b9d8a4e0d16	21	1e4b7d0a-1e4a-4a63-9c69-9c2f5a8e1f32	惊涛	不夜城咖啡师
5c5e4a61-1c4f-4b91-9c14-8a2f1d7e3c83	5	d5a8c1f4-4f7b-4e19-8f25-2d5b8e1a4c98	酸奶	天狐剑客
c1a8f3f8-7d7a-4c68-a1f0-1e5d4c0a6b50	1	9d2f5c8a-7a0e-4b75-b8e1-5e8a1c4f7b54	eee	机甲战士
8d6b2d25-3e0b-4f35-9e56-4c8b7a3e9d27	32	5c8b1e4d-0b3c-4d31-9a87-8b1f4e7a0c10	战天	魔法少女
3f9c7e92-8f3c-4a02-8a33-7b1e0f6d2f94	4	1f4a7d0c-3c6f-4f87-8b43-1e4c7a0d3b66	水蜜桃	骑乘武者
a4d0b9e9-4a6d-4e79-b7e9-0f4a3c9e5b61	19	b8e1a4d7-6d9e-4b43-a9f9-4f7d0b3e6a22	飞羽	不夜城咖啡师
6a2e1c56-9b9e-4e46-9a75-3b7d6f2c8d38	1	4e7a0c3f-9e2d-4a09-9e65-7b0a3d6f9e78	ddd	天狐剑客
1b6f8a23-5c2f-4f13-8f31-6e0d9b5a1e05	28	0b4d7f0a-2f5e-4e65-8c21-0c3e6a9d2b34	龙啸	机甲战士
f7c3d7f0-1d5a-4c80-b4e8-9c3f2e8a4b72	9	c6f9b2e5-5a8f-4f21-b7c7-3f6d9c2e5a90	布朗尼	魔法少女
9e0a5b87-6e8b-4a57-9b04-2b6a5f1c7f49	1	8c1e4b7d-8b1c-4a77-9f93-6a9e2d5b8c46	ccc	骑乘武者
5a7b4e54-2f1c-4e24-a8a1-5c9e8d4f0c16	23	4a7d0e3c-1c4b-4e33-8d49-9b2d5a8f1e02	狂风	不夜城咖啡师
d2e9c1a1-7a4d-4b91-8d57-8d2b1f7a3d83	6	f0b3e6a9-4e7d-4b89-a5d5-2c5f8b1e4d58	蜜瓜	天狐剑客
8c3d6f48-3b7e-4c68-b9f3-1b5f4e0c6a50	1	b5e8a1d4-7a0f-4d45-9b11-5d8c1a4f7e14	bbb	机甲战士
4e0f2e15-8c0f-4f35-9f70-4d8a7b3c9e27	37	7a0c3f6b-0d3e-4f01-8e77-8c1b4d7e0a70	苍天	魔法少女
b9b6a4e2-4d3a-4a02-8e26-7a1c0e6f2d94	3	2f5b8e1a-3e6b-4a57-a2b3-1d4f7c0e3a26	樱桃	骑乘武者
7a4c8d89-9e6b-4e79-a3c2-0e4b3d9f5a61	15	e6a9d2c5-6b9c-4e13-9a19-4c7e0a3d6f82	飞虎	不夜城咖啡师
3d1a9f56-5f9c-4e46-b8f8-3d7e6a2d8b38	1	9b2d5a8e-9f2e-4b69-b4e5-7f0b3c6a9d38	aaa	天狐剑客
e6f7b5c3-1a2d-4f13-9c34-6f0b9c5e1d05	29	5d8c1f4a-2c5b-4c25-8f91-0e3d6b9c2a94	雷霆	机甲战士
9b3e2a70-6b5e-4c80-a5e0-9e3a2d8b4f72	10	1a4e7b0d-5d8f-4f81-9c37-3d6a9e2f5b50	西柚	魔法少女
5c9d7e37-2c8f-4a57-8a67-2f6b5e1a7d49	1	c7a0d3f6-8e1b-4a37-a8f3-6c9f2b5e8d06	zzz	骑乘武者
c8a4b1d4-7d1a-4e24-9d13-5a9c8e4b0f16	22	8d1f4a7c-1f4d-4e93-9e79-9a2c5e8b1f62	鬼影	不夜城咖啡师
8f0b5e71-3e4b-4b91-b6e9-8c2e1a7b3a83	7	4e7a0c3d-4a7c-4b49-8b35-2d5f8a1e4c18	蓝莓派	天狐剑客
4a6e9c38-8f7c-4c68-9f95-1c5a4d0f6e50	1	0c3f6b9e-7e0a-4e05-9f41-5b8d1e4a7c74	yyy	机甲战士
f0d2a6f5-4a0d-4f35-a2b2-4f8c7e3b9f27	30	b9d2e5a8-0f3c-4f61-8a27-8e1a4c7d0b30	天骄	魔法少女
6b8c3d22-9b3e-4a02-9e48-7d1f0a6c2e94	4	6c9e2b5f-3a6d-4c17-b5e3-1b4d7f0a3c86	葡萄	骑乘武者
2c4f0b99-5c6f-4e79-8c04-0a4d3b9e5f61	16	2b5a8d1e-6c9f-4e73-9d59-4e7b0a3f6c42	流星	不夜城咖啡师
e3a1e7c6-1d9a-4e46-a7a1-3f7a6d2e8c38	1	e8c1f4b7-9b2a-4c29-a1e5-7a0c3e6d9f08	xxx	天狐剑客
9d7b4f33-7e2b-4f13-8e57-6a0f9c5d1b05	25	a4d7b0e3-2d5c-4a85-9f81-0b3e6a9f2c64	天狼	机甲战士
5e3c1a00-3f5c-4c80-b3f3-9f3d2e8c4a72	8	6f9a2c5e-5e8a-4e41-8d17-3c6f9b2d5e20	番茄	魔法少女
b1f0e8d7-8a8d-4a57-9a69-2a6d5c1e7b49	1	3a6c9f2d-8f1e-4f07-b6a3-6d9b2e5c8a76	www	骑乘武者
7e6d5b74-4b1e-4e24-a5d6-5d9f8e4a0c16	18	f7b0d3a6-1c4f-4a63-9b69-9e2a5d8c1f32	寒星	不夜城咖啡师
3f2a2c41-9c4f-4b91-9b22-8e2c1b7d3f83	5	b3e6a9d2-4d7a-4e19-8a05-2f5c8e1b4d98	果汁	天狐剑客
a8c9f9e8-5d7a-4c68-b8e8-1d5b4f0c6a50	1	7e0d3c6f-7b0f-4b75-a2f1-5a8e1d4c7b54	vvv	机甲战士
6d5e6a35-1e0b-4f35-9f54-4e8a7c3d9f27	34	4b7f0e3a-0a3d-4d31-9e57-8c1d4b7e0a10	碧落	魔法少女
1a1b3f02-6f3c-4a02-8e11-7c1e0f6b2a94	2	0f3b6e9a-3d6c-4f87-8a63-1a4e7d0c3f66	柠檬	骑乘武者
f5e8c0c9-2a6d-4e79-b7c7-0b4c3d9a5e61	20	c5e8b1d4-6f9e-4b43-b9e9-4d7c0a3b6f22	惊风	不夜城咖啡师
9c4d7d96-8b9e-4e46-9a93-3a7f6e2b8d38	1	8a1d4c7f-9c2f-4a09-9d35-7e0b3f6a9c78	uuu	天狐剑客
5d0a4e63-4c2f-4f13-8b49-6b0d9a5f1c05	27	5e8b1f4a-2a5d-4e65-a4f1-0d3c6e9b2f34	玄冥	机甲战士
c2f7b1a0-9d5a-4c80-b0f5-9a3e2c8d4b72	11	1c4f7a0d-5b8c-4f21-9e87-3a6d9f2c5e90	小橙	魔法少女
8e3c8c67-5e8b-4a57-9d71-2c6f5a1b7e49	1	d9b2e5c8-8e1a-4a77-8f53-6e9a2d5f8b46	ttt	骑乘武者
4b9e5f34-1f1c-4e24-a2e8-5f9b8c4d0a16	24	9e1a4d7b-1a4e-4e33-b7d9-9d2f5b8a1c02	天煞	不夜城咖啡师
0c6f2a01-6a4d-4b91-8f34-8b2d1e7c3e83	6	5f8b1e4c-4c7f-4b89-8e15-2a5d8c1f4e58	荔枝	天狐剑客
(Empty)
